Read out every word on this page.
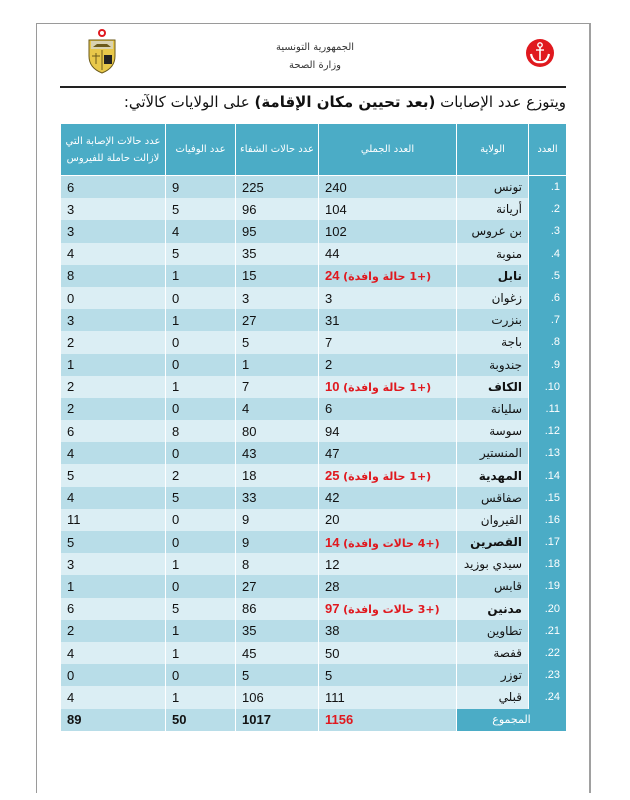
الجمهورية التونسية
وزارة الصحة
ويتوزع عدد الإصابات (بعد تحيين مكان الإقامة) على الولايات كالآتي:
العدد	الولاية	العدد الجملي	عدد حالات الشفاء	عدد الوفيات	عدد حالات الإصابة التي
لازالت حاملة للفيروس
1.	تونس	240	225	9	6
2.	أريانة	104	96	5	3
3.	بن عروس	102	95	4	3
4.	منوبة	44	35	5	4
5.	نابل	24 (+1 حالة وافدة)	15	1	8
6.	زغوان	3	3	0	0
7.	بنزرت	31	27	1	3
8.	باجة	7	5	0	2
9.	جندوبة	2	1	0	1
10.	الكاف	10 (+1 حالة وافدة)	7	1	2
11.	سليانة	6	4	0	2
12.	سوسة	94	80	8	6
13.	المنستير	47	43	0	4
14.	المهدية	25 (+1 حالة وافدة)	18	2	5
15.	صفاقس	42	33	5	4
16.	القيروان	20	9	0	11
17.	القصرين	14 (+4 حالات وافدة)	9	0	5
18.	سيدي بوزيد	12	8	1	3
19.	قابس	28	27	0	1
20.	مدنين	97 (+3 حالات وافدة)	86	5	6
21.	تطاوين	38	35	1	2
22.	قفصة	50	45	1	4
23.	توزر	5	5	0	0
24.	قبلي	111	106	1	4
المجموع		1156	1017	50	89
